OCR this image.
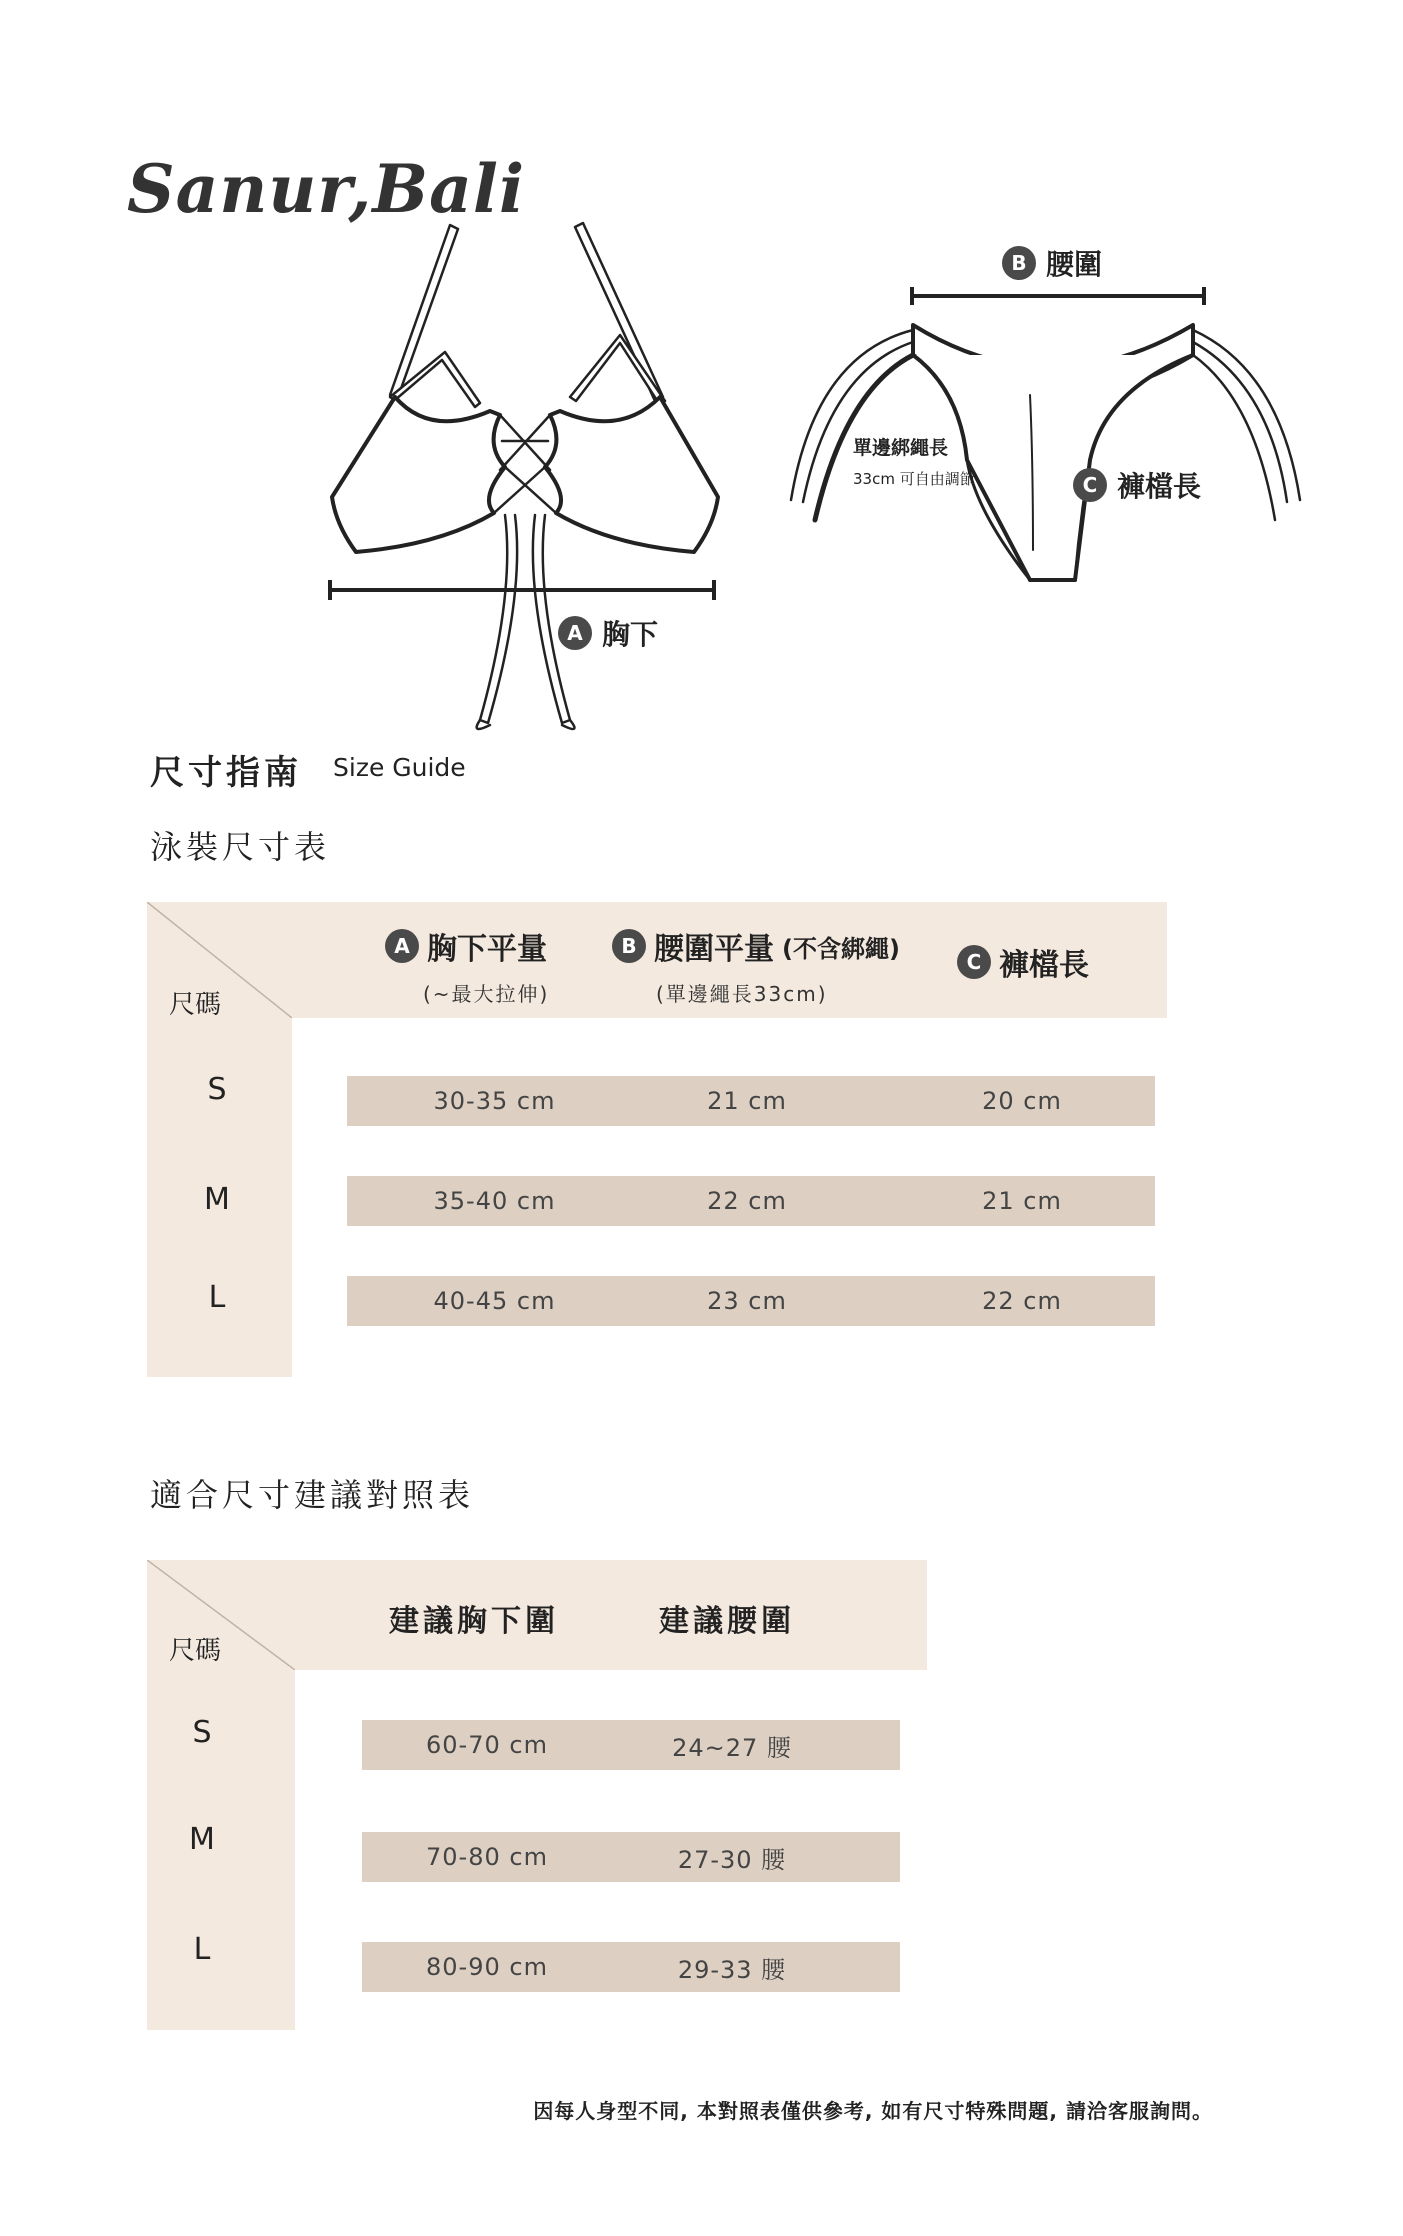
Sanur,Bali
A 胸下
B 腰圍
單邊綁繩長
33cm 可自由調節	C 褲檔長
尺寸指南 Size Guide
泳裝尺寸表
尺碼
A 胸下平量
(~最大拉伸)
B 腰圍平量 (不含綁繩)
(單邊繩長33cm)
C 褲檔長
S	30-35 cm	21 cm	20 cm
M	35-40 cm	22 cm	21 cm
L	40-45 cm	23 cm	22 cm
適合尺寸建議對照表
尺碼
建議胸下圍	建議腰圍
S	60-70 cm	24~27 腰
M	70-80 cm	27-30 腰
L	80-90 cm	29-33 腰
因每人身型不同, 本對照表僅供參考, 如有尺寸特殊問題, 請洽客服詢問。
